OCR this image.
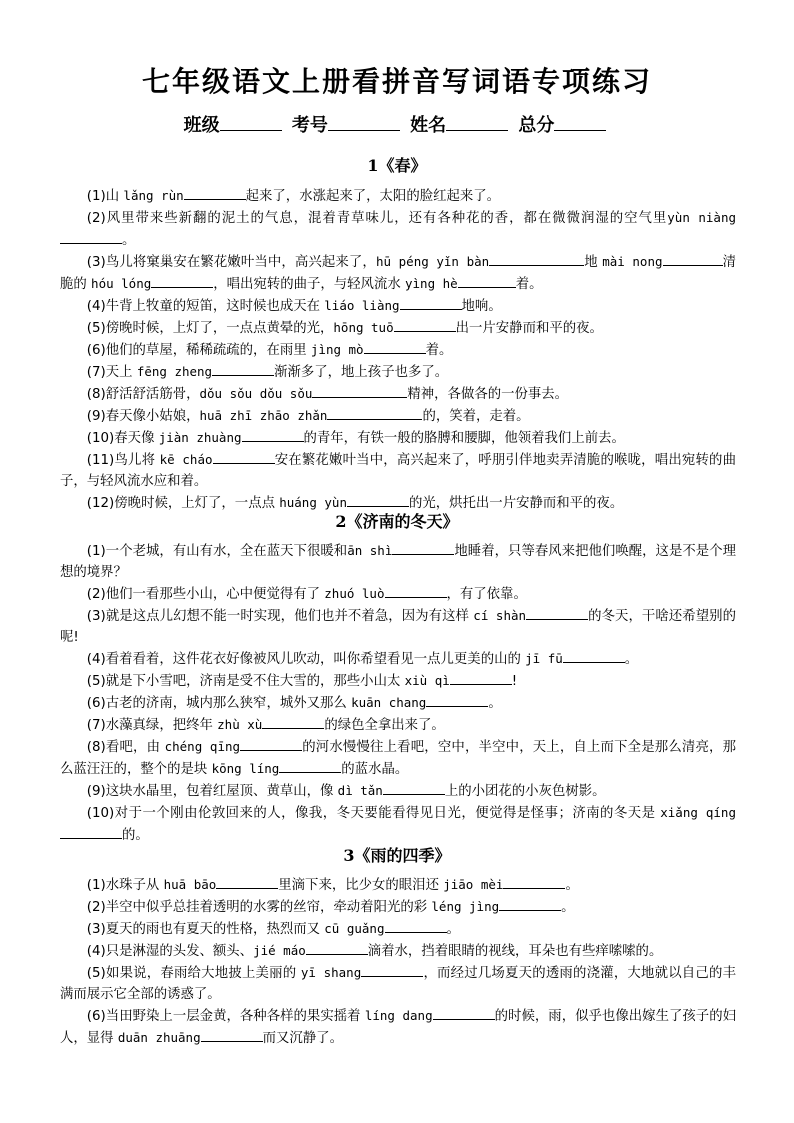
七年级语文上册看拼音写词语专项练习
班级	考号	姓名	总分
1《春》

(1)山 lǎng rùn	起来了，水涨起来了，太阳的脸红起来了。

(2)风里带来些新翻的泥土的气息，混着青草味儿，还有各种花的香，都在微微润湿的空气里yùn niàng。

(3)鸟儿将窠巢安在繁花嫩叶当中，高兴起来了，hū péng yǐn bàn	地 mài nong	清脆的 hóu lóng	，唱出宛转的曲子，与轻风流水 yìng hè	着。

(4)牛背上牧童的短笛，这时候也成天在 liáo liàng	地响。

(5)傍晚时候，上灯了，一点点黄晕的光，hōng tuō	出一片安静而和平的夜。

(6)他们的草屋，稀稀疏疏的，在雨里 jìng mò	着。

(7)天上 fēng zheng	渐渐多了，地上孩子也多了。

(8)舒活舒活筋骨，dǒu sǒu dǒu sǒu	精神，各做各的一份事去。

(9)春天像小姑娘，huā zhī zhāo zhǎn	的，笑着，走着。

(10)春天像 jiàn zhuàng	的青年，有铁一般的胳膊和腰脚，他领着我们上前去。

(11)鸟儿将 kē cháo	安在繁花嫩叶当中，高兴起来了，呼朋引伴地卖弄清脆的喉咙，唱出宛转的曲子，与轻风流水应和着。

(12)傍晚时候，上灯了，一点点 huáng yùn	的光，烘托出一片安静而和平的夜。

2《济南的冬天》

(1)一个老城，有山有水，全在蓝天下很暖和ān shì	地睡着，只等春风来把他们唤醒，这是不是个理想的境界？

(2)他们一看那些小山，心中便觉得有了 zhuó luò	，有了依靠。

(3)就是这点儿幻想不能一时实现，他们也并不着急，因为有这样 cí shàn	的冬天，干啥还希望别的呢!

(4)看着看着，这件花衣好像被风儿吹动，叫你希望看见一点儿更美的山的 jī fū	。

(5)就是下小雪吧，济南是受不住大雪的，那些小山太 xiù qì	!

(6)古老的济南，城内那么狭窄，城外又那么 kuān chang	。

(7)水藻真绿，把终年 zhù xù	的绿色全拿出来了。

(8)看吧，由 chéng qīng	的河水慢慢往上看吧，空中，半空中，天上，自上而下全是那么清亮，那么蓝汪汪的，整个的是块 kōng líng	的蓝水晶。

(9)这块水晶里，包着红屋顶、黄草山，像 dì tǎn	上的小团花的小灰色树影。

(10)对于一个刚由伦敦回来的人，像我，冬天要能看得见日光，便觉得是怪事；济南的冬天是 xiǎng qíng的。

3《雨的四季》

(1)水珠子从 huā bāo	里滴下来，比少女的眼泪还 jiāo mèi	。

(2)半空中似乎总挂着透明的水雾的丝帘，牵动着阳光的彩 léng jìng	。

(3)夏天的雨也有夏天的性格，热烈而又 cū guǎng	。

(4)只是淋湿的头发、额头、jié máo	滴着水，挡着眼睛的视线，耳朵也有些痒嗦嗦的。

(5)如果说，春雨给大地披上美丽的 yī shang	，而经过几场夏天的透雨的浇灌，大地就以自己的丰满而展示它全部的诱惑了。

(6)当田野染上一层金黄，各种各样的果实摇着 líng dang	的时候，雨，似乎也像出嫁生了孩子的妇人，显得 duān zhuāng	而又沉静了。
